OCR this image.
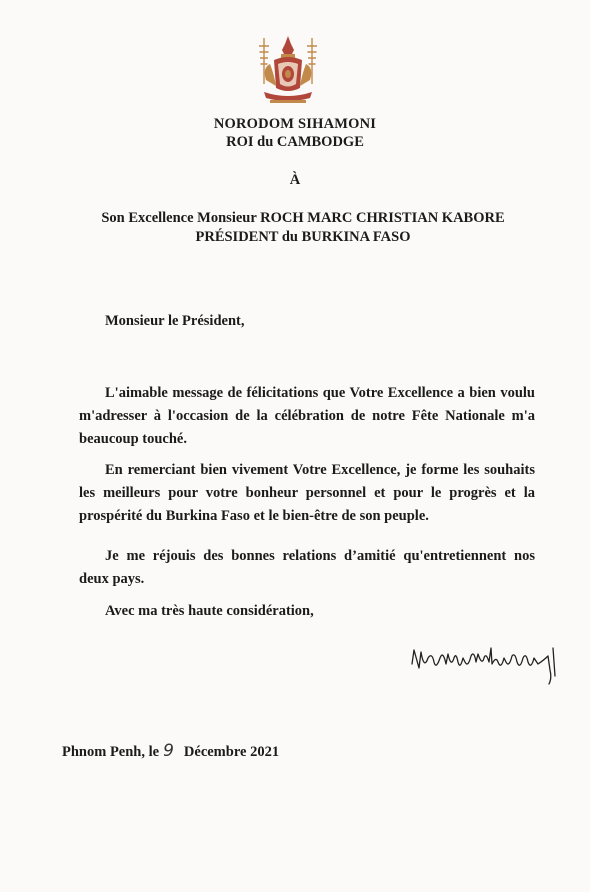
NORODOM SIHAMONI
ROI du CAMBODGE
À
Son Excellence Monsieur ROCH MARC CHRISTIAN KABORE
PRÉSIDENT du BURKINA FASO
Monsieur le Président,

L'aimable message de félicitations que Votre Excellence a bien voulu m'adresser à l'occasion de la célébration de notre Fête Nationale m'a beaucoup touché.

En remerciant bien vivement Votre Excellence, je forme les souhaits les meilleurs pour votre bonheur personnel et pour le progrès et la prospérité du Burkina Faso et le bien-être de son peuple.

Je me réjouis des bonnes relations d’amitié qu'entretiennent nos deux pays.

Avec ma très haute considération,
Phnom Penh, le 9 Décembre 2021
